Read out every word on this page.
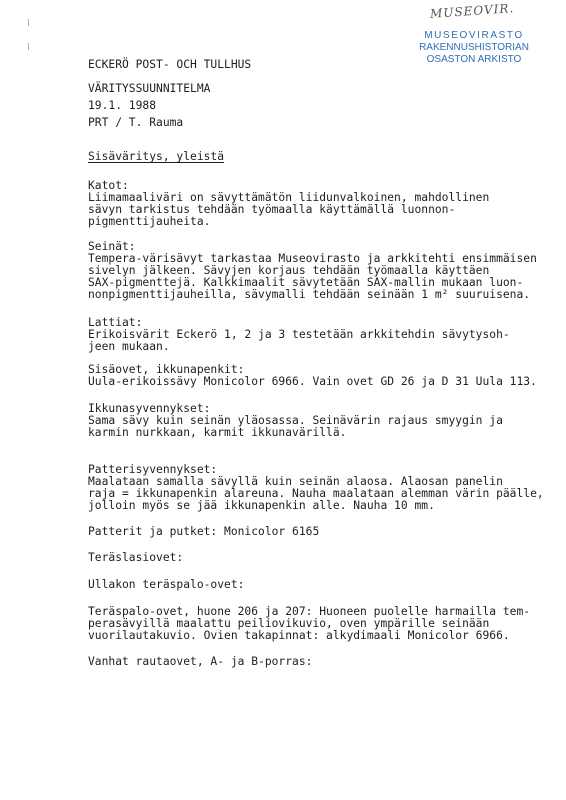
MUSEOVIR.
MUSEOVIRASTO
RAKENNUSHISTORIAN
OSASTON ARKISTO

ECKERÖ POST- OCH TULLHUS

VÄRITYSSUUNNITELMA

19.1. 1988

PRT / T. Rauma

Sisäväritys, yleistä

Katot:

Liimamaaliväri on sävyttämätön liidunvalkoinen, mahdollinen

sävyn tarkistus tehdään työmaalla käyttämällä luonnon-

pigmenttijauheita.

Seinät:

Tempera-värisävyt tarkastaa Museovirasto ja arkkitehti ensimmäisen

sivelyn jälkeen. Sävyjen korjaus tehdään työmaalla käyttäen

SAX-pigmenttejä. Kalkkimaalit sävytetään SAX-mallin mukaan luon-

nonpigmenttijauheilla, sävymalli tehdään seinään 1 m² suuruisena.

Lattiat:

Erikoisvärit Eckerö 1, 2 ja 3 testetään arkkitehdin sävytysoh-

jeen mukaan.

Sisäovet, ikkunapenkit:

Uula-erikoissävy Monicolor 6966. Vain ovet GD 26 ja D 31 Uula 113.

Ikkunasyvennykset:

Sama sävy kuin seinän yläosassa. Seinävärin rajaus smyygin ja

karmin nurkkaan, karmit ikkunavärillä.

Patterisyvennykset:

Maalataan samalla sävyllä kuin seinän alaosa. Alaosan panelin

raja = ikkunapenkin alareuna. Nauha maalataan alemman värin päälle,

jolloin myös se jää ikkunapenkin alle. Nauha 10 mm.

Patterit ja putket: Monicolor 6165

Teräslasiovet:

Ullakon teräspalo-ovet:

Teräspalo-ovet, huone 206 ja 207: Huoneen puolelle harmailla tem-

perasävyillä maalattu peiliovikuvio, oven ympärille seinään

vuorilautakuvio. Ovien takapinnat: alkydimaali Monicolor 6966.

Vanhat rautaovet, A- ja B-porras:
